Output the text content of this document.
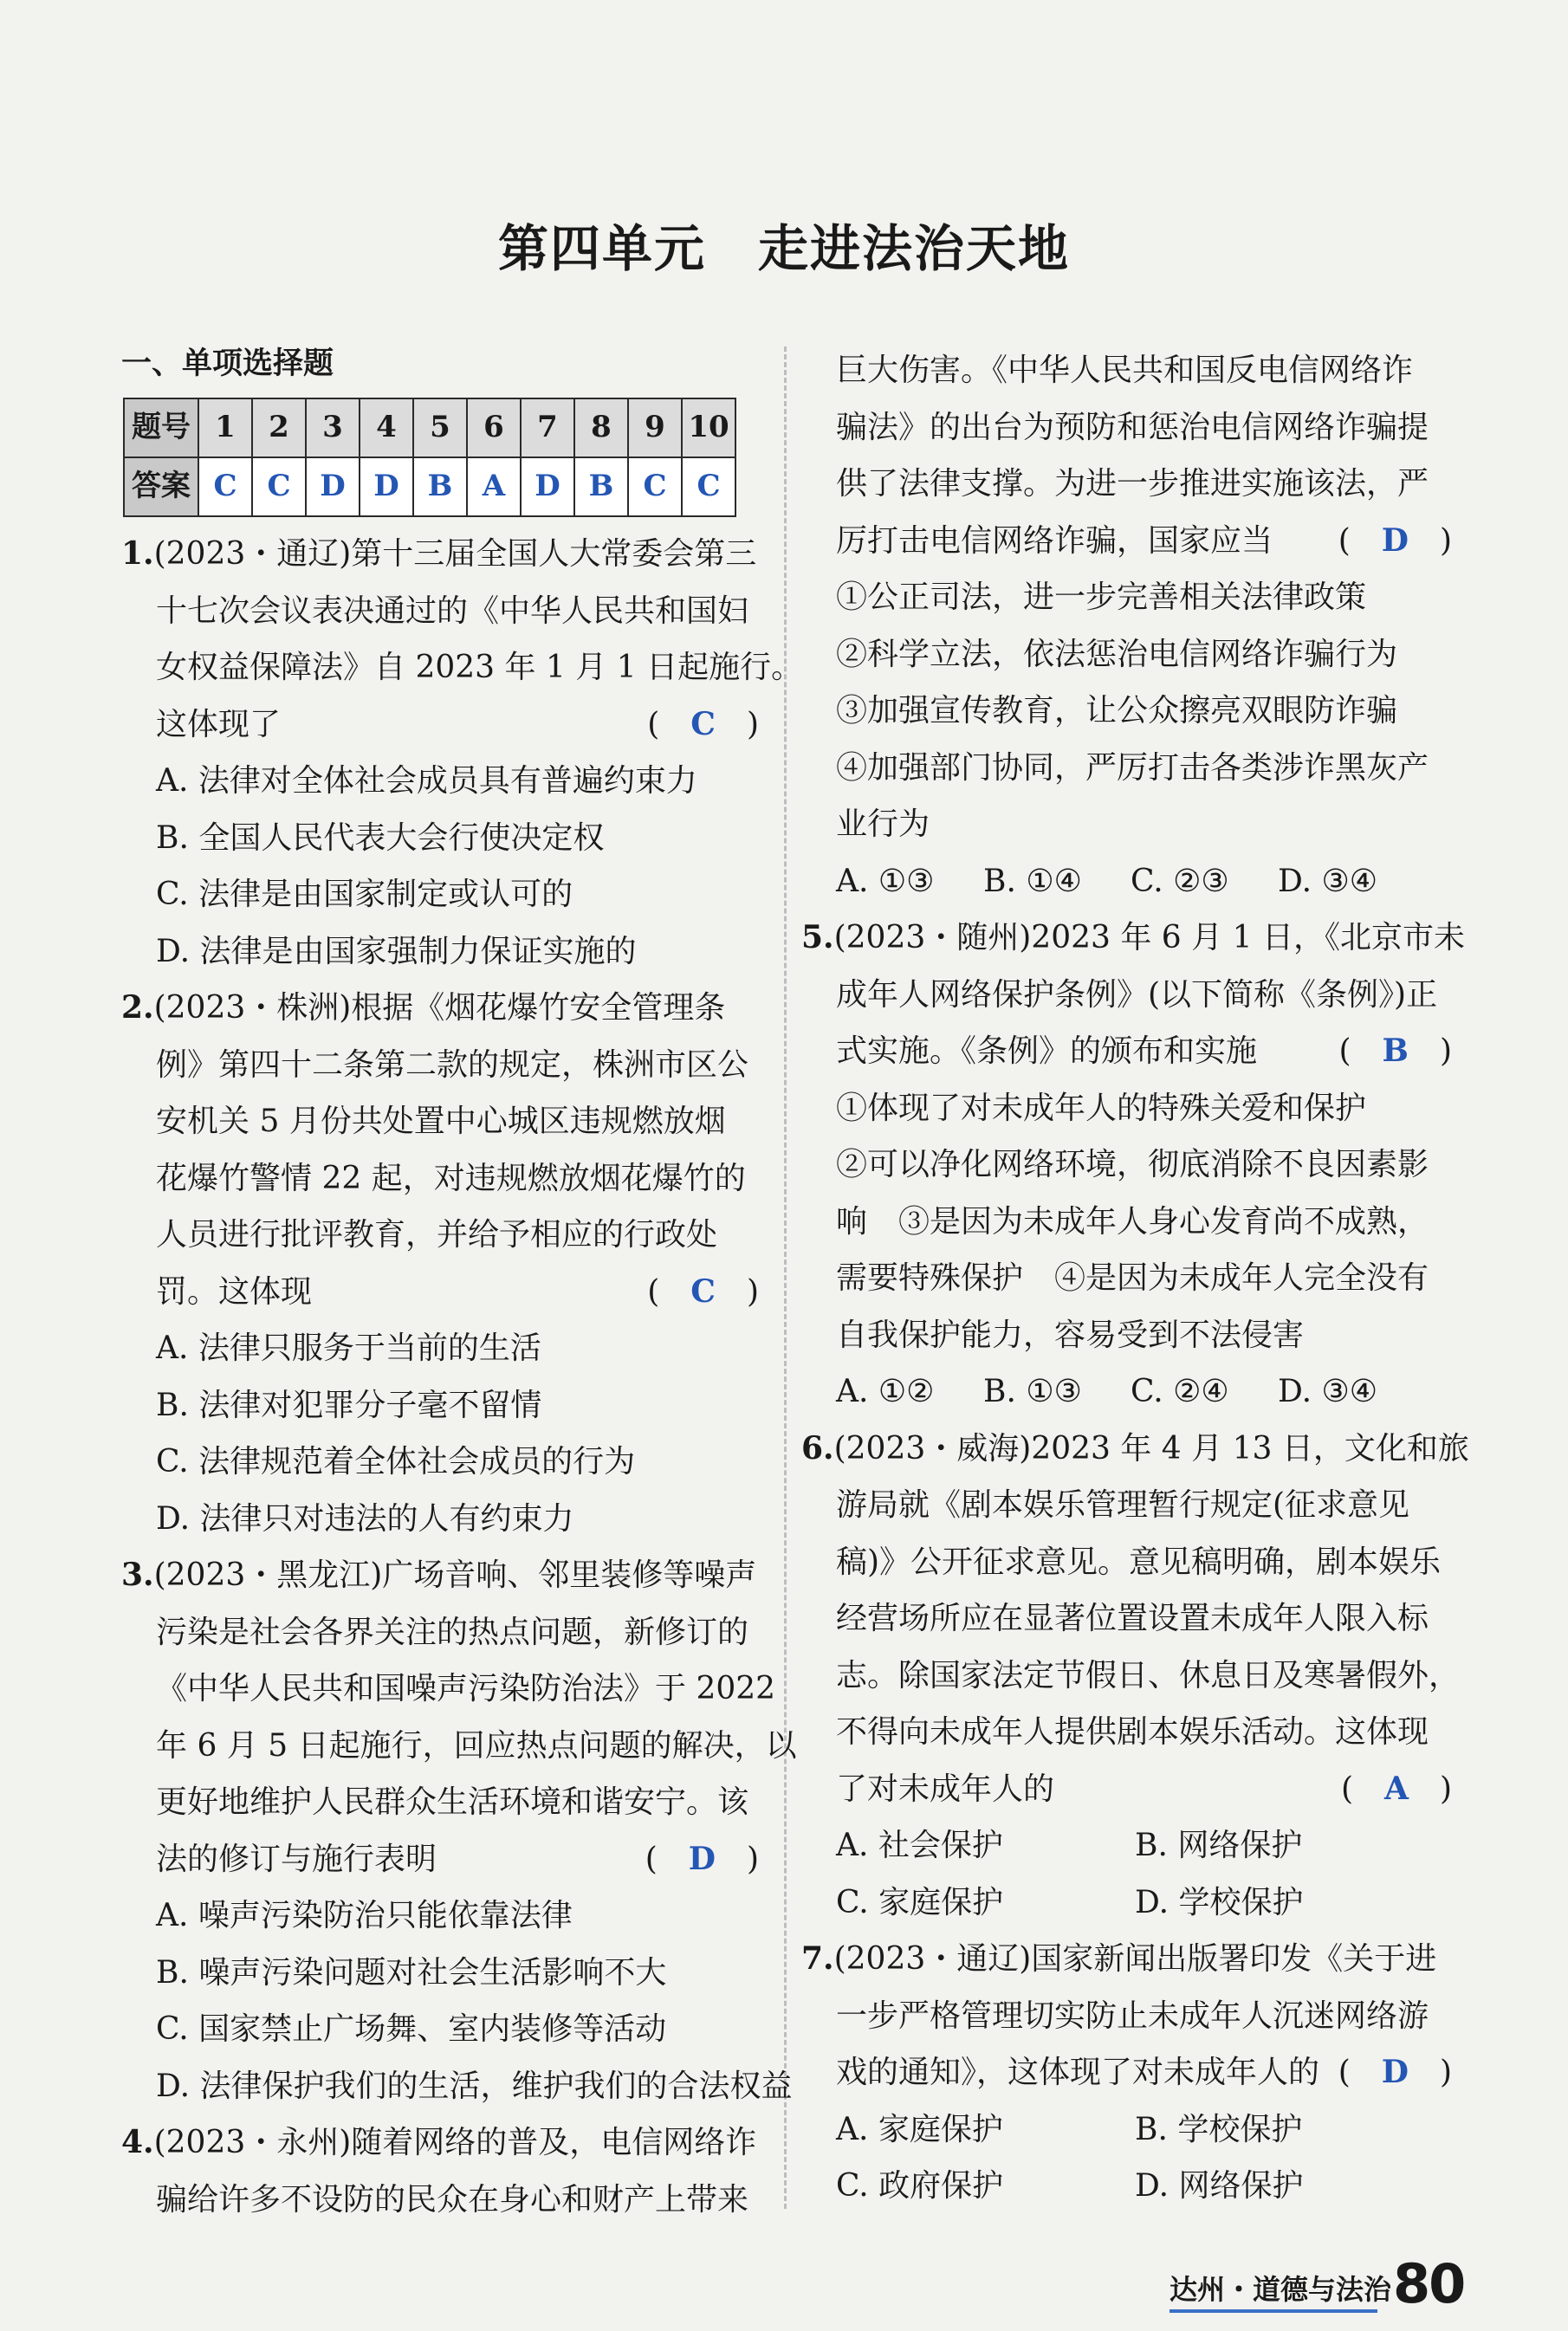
第四单元　走进法治天地
一、单项选择题
题号	1	2	3	4	5	6	7	8	9	10
答案	C	C	D	D	B	A	D	B	C	C
1. (2023・通辽)第十三届全国人大常委会第三
十七次会议表决通过的《中华人民共和国妇
女权益保障法》自 2023 年 1 月 1 日起施行。
这体现了	(　C　)
A. 法律对全体社会成员具有普遍约束力
B. 全国人民代表大会行使决定权
C. 法律是由国家制定或认可的
D. 法律是由国家强制力保证实施的
2. (2023・株洲)根据《烟花爆竹安全管理条
例》第四十二条第二款的规定，株洲市区公
安机关 5 月份共处置中心城区违规燃放烟
花爆竹警情 22 起，对违规燃放烟花爆竹的
人员进行批评教育，并给予相应的行政处
罚。这体现	(　C　)
A. 法律只服务于当前的生活
B. 法律对犯罪分子毫不留情
C. 法律规范着全体社会成员的行为
D. 法律只对违法的人有约束力
3. (2023・黑龙江)广场音响、邻里装修等噪声
污染是社会各界关注的热点问题，新修订的
《中华人民共和国噪声污染防治法》于 2022
年 6 月 5 日起施行，回应热点问题的解决，以
更好地维护人民群众生活环境和谐安宁。该
法的修订与施行表明	(　D　)
A. 噪声污染防治只能依靠法律
B. 噪声污染问题对社会生活影响不大
C. 国家禁止广场舞、室内装修等活动
D. 法律保护我们的生活，维护我们的合法权益
4. (2023・永州)随着网络的普及，电信网络诈
骗给许多不设防的民众在身心和财产上带来
巨大伤害。《中华人民共和国反电信网络诈
骗法》的出台为预防和惩治电信网络诈骗提
供了法律支撑。为进一步推进实施该法，严
厉打击电信网络诈骗，国家应当 (　D　)
①公正司法，进一步完善相关法律政策
②科学立法，依法惩治电信网络诈骗行为
③加强宣传教育，让公众擦亮双眼防诈骗
④加强部门协同，严厉打击各类涉诈黑灰产
业行为
A. ①③	B. ①④	C. ②③	D. ③④
5. (2023・随州)2023 年 6 月 1 日，《北京市未
成年人网络保护条例》(以下简称《条例》)正
式实施。《条例》的颁布和实施	(　B　)
①体现了对未成年人的特殊关爱和保护
②可以净化网络环境，彻底消除不良因素影
响　③是因为未成年人身心发育尚不成熟，
需要特殊保护　④是因为未成年人完全没有
自我保护能力，容易受到不法侵害
A. ①②	B. ①③	C. ②④	D. ③④
6. (2023・威海)2023 年 4 月 13 日，文化和旅
游局就《剧本娱乐管理暂行规定(征求意见
稿)》公开征求意见。意见稿明确，剧本娱乐
经营场所应在显著位置设置未成年人限入标
志。除国家法定节假日、休息日及寒暑假外，
不得向未成年人提供剧本娱乐活动。这体现
了对未成年人的	(　A　)
A. 社会保护	B. 网络保护
C. 家庭保护	D. 学校保护
7. (2023・通辽)国家新闻出版署印发《关于进
一步严格管理切实防止未成年人沉迷网络游
戏的通知》，这体现了对未成年人的 (　D　)
A. 家庭保护	B. 学校保护
C. 政府保护	D. 网络保护
达州・道德与法治 80
